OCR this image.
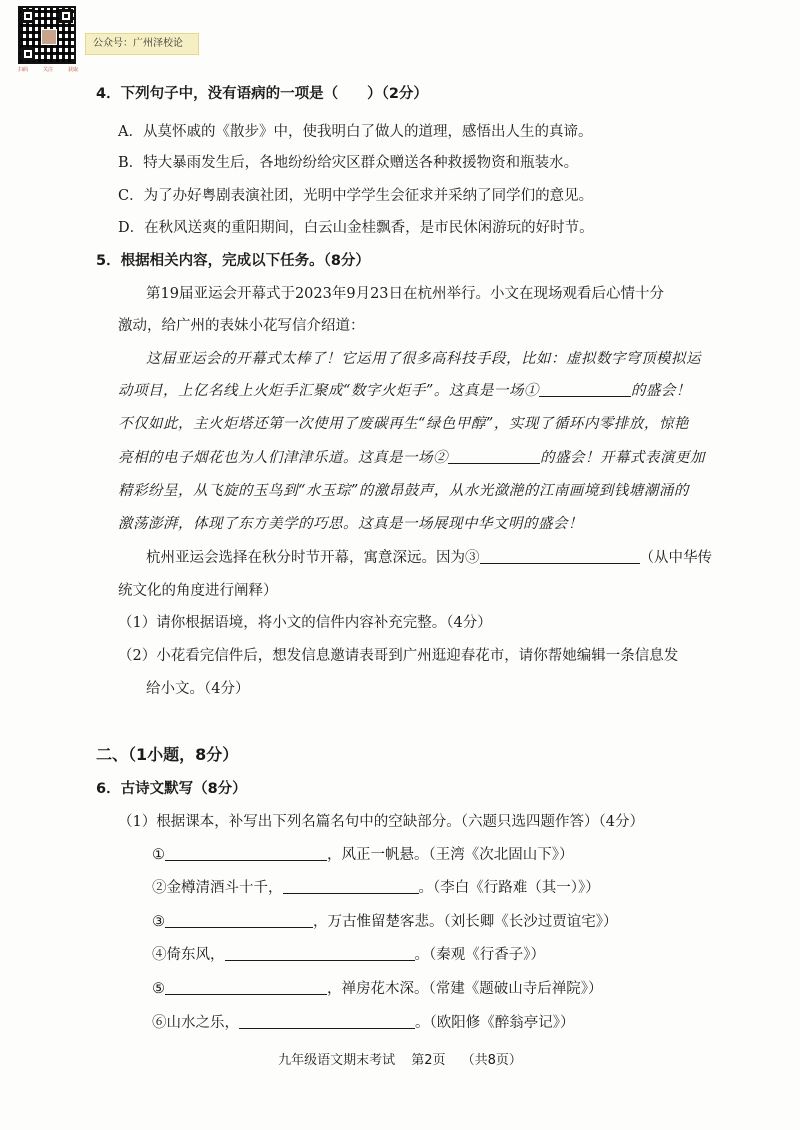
扫码	关注	获取
公众号：广州泽校论
4．下列句子中，没有语病的一项是（　　）（2分）
A．从莫怀戚的《散步》中，使我明白了做人的道理，感悟出人生的真谛。
B．特大暴雨发生后，各地纷纷给灾区群众赠送各种救援物资和瓶装水。
C．为了办好粤剧表演社团，光明中学学生会征求并采纳了同学们的意见。
D．在秋风送爽的重阳期间，白云山金桂飘香，是市民休闲游玩的好时节。
5．根据相关内容，完成以下任务。（8分）
第19届亚运会开幕式于2023年9月23日在杭州举行。小文在现场观看后心情十分
激动，给广州的表妹小花写信介绍道：
这届亚运会的开幕式太棒了！它运用了很多高科技手段，比如：虚拟数字穹顶模拟运
动项目，上亿名线上火炬手汇聚成“数字火炬手”。这真是一场①	的盛会！
不仅如此，主火炬塔还第一次使用了废碳再生“绿色甲醇”，实现了循环内零排放，惊艳
亮相的电子烟花也为人们津津乐道。这真是一场②	的盛会！开幕式表演更加
精彩纷呈，从飞旋的玉鸟到“水玉琮”的激昂鼓声，从水光潋滟的江南画境到钱塘潮涌的
激荡澎湃，体现了东方美学的巧思。这真是一场展现中华文明的盛会！
杭州亚运会选择在秋分时节开幕，寓意深远。因为③	（从中华传
统文化的角度进行阐释）
（1）请你根据语境，将小文的信件内容补充完整。（4分）
（2）小花看完信件后，想发信息邀请表哥到广州逛迎春花市，请你帮她编辑一条信息发
给小文。（4分）
二、（1小题，8分）
6．古诗文默写（8分）
（1）根据课本，补写出下列名篇名句中的空缺部分。（六题只选四题作答）（4分）
①	，风正一帆悬。（王湾《次北固山下》）
②金樽清酒斗十千，	。（李白《行路难（其一）》）
③	，万古惟留楚客悲。（刘长卿《长沙过贾谊宅》）
④倚东风，	。（秦观《行香子》）
⑤	，禅房花木深。（常建《题破山寺后禅院》）
⑥山水之乐，	。（欧阳修《醉翁亭记》）
九年级语文期末考试 第2页 （共8页）
